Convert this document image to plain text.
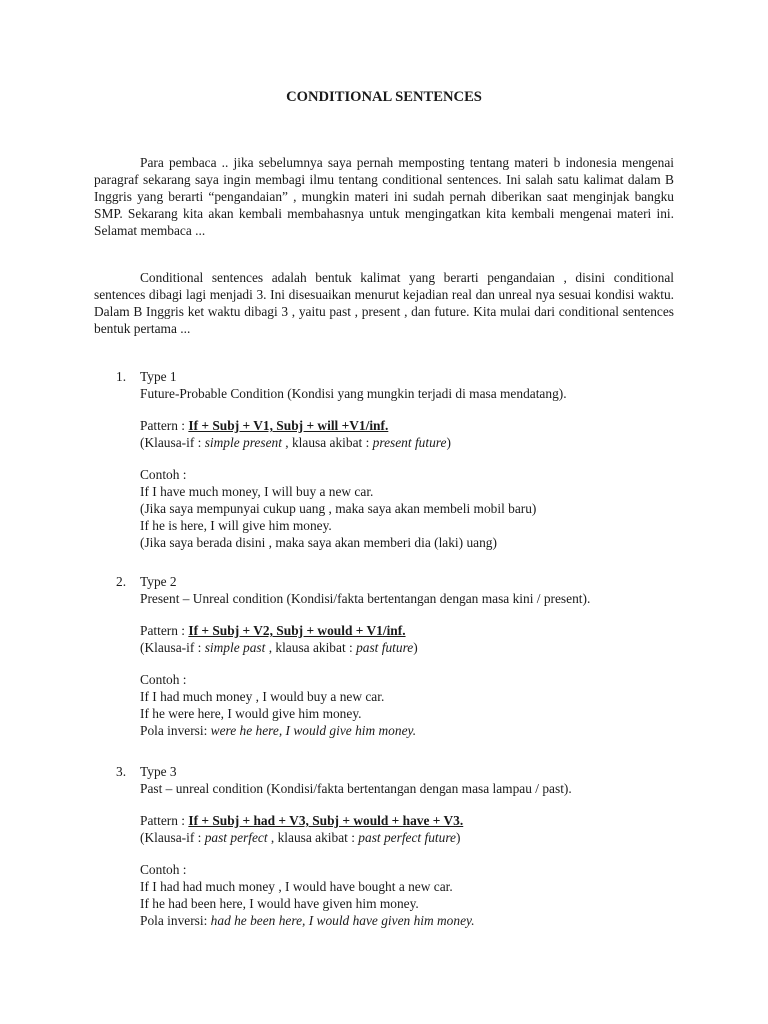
CONDITIONAL SENTENCES

Para pembaca .. jika sebelumnya saya pernah memposting tentang materi b indonesia mengenai paragraf sekarang saya ingin membagi ilmu tentang conditional sentences. Ini salah satu kalimat dalam B Inggris yang berarti “pengandaian” , mungkin materi ini sudah pernah diberikan saat menginjak bangku SMP. Sekarang kita akan kembali membahasnya untuk mengingatkan kita kembali mengenai materi ini. Selamat membaca ...

Conditional sentences adalah bentuk kalimat yang berarti pengandaian , disini conditional sentences dibagi lagi menjadi 3. Ini disesuaikan menurut kejadian real dan unreal nya sesuai kondisi waktu. Dalam B Inggris ket waktu dibagi 3 , yaitu past , present , dan future. Kita mulai dari conditional sentences bentuk pertama ...

1. Type 1
Future-Probable Condition (Kondisi yang mungkin terjadi di masa mendatang).
Pattern : If + Subj + V1, Subj + will +V1/inf.
(Klausa-if : simple present , klausa akibat : present future)
Contoh :
If I have much money, I will buy a new car.
(Jika saya mempunyai cukup uang , maka saya akan membeli mobil baru)
If he is here, I will give him money.
(Jika saya berada disini , maka saya akan memberi dia (laki) uang)
2. Type 2
Present – Unreal condition (Kondisi/fakta bertentangan dengan masa kini / present).
Pattern : If + Subj + V2, Subj + would + V1/inf.
(Klausa-if : simple past , klausa akibat : past future)
Contoh :
If I had much money , I would buy a new car.
If he were here, I would give him money.
Pola inversi: were he here, I would give him money.
3. Type 3
Past – unreal condition (Kondisi/fakta bertentangan dengan masa lampau / past).
Pattern : If + Subj + had + V3, Subj + would + have + V3.
(Klausa-if : past perfect , klausa akibat : past perfect future)
Contoh :
If I had had much money , I would have bought a new car.
If he had been here, I would have given him money.
Pola inversi: had he been here, I would have given him money.
